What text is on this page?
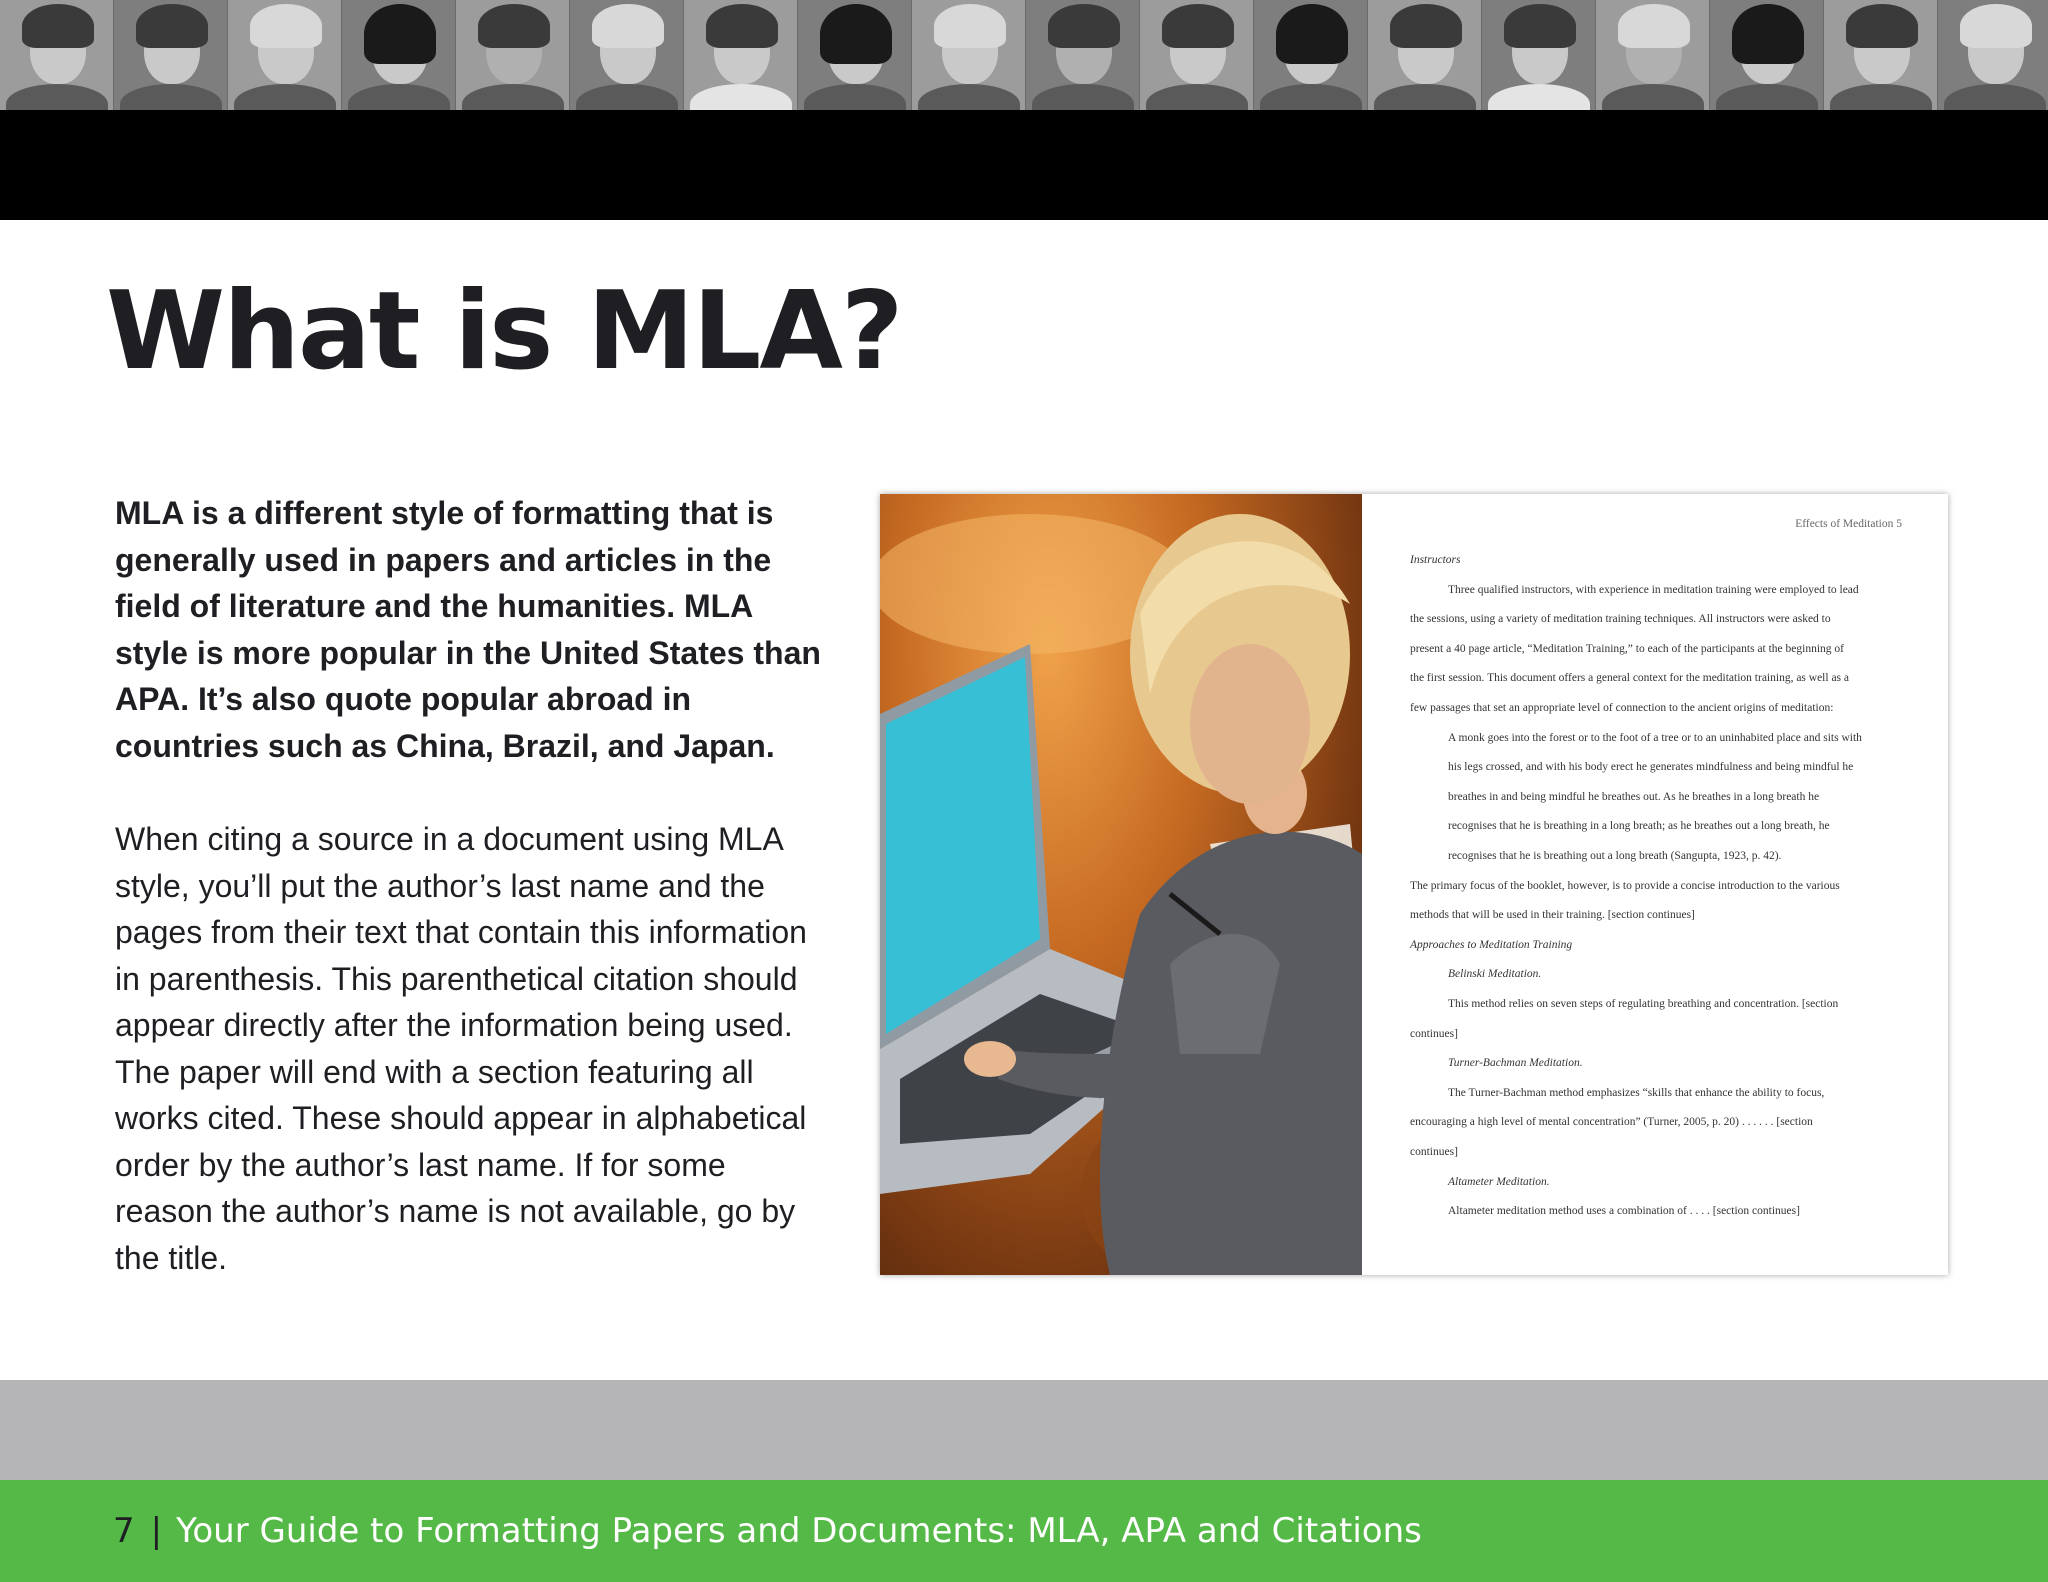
What is MLA?

MLA is a different style of formatting that is generally used in papers and articles in the field of literature and the humanities. MLA style is more popular in the United States than APA. It’s also quote popular abroad in countries such as China, Brazil, and Japan.

When citing a source in a document using MLA style, you’ll put the author’s last name and the pages from their text that contain this information in parenthesis. This parenthetical citation should appear directly after the information being used. The paper will end with a section featuring all works cited. These should appear in alphabetical order by the author’s last name. If for some reason the author’s name is not available, go by the title.

Effects of Meditation 5
Instructors
Three qualified instructors, with experience in meditation training were employed to lead
the sessions, using a variety of meditation training techniques. All instructors were asked to
present a 40 page article, “Meditation Training,” to each of the participants at the beginning of
the first session. This document offers a general context for the meditation training, as well as a
few passages that set an appropriate level of connection to the ancient origins of meditation:
A monk goes into the forest or to the foot of a tree or to an uninhabited place and sits with
his legs crossed, and with his body erect he generates mindfulness and being mindful he
breathes in and being mindful he breathes out. As he breathes in a long breath he
recognises that he is breathing in a long breath; as he breathes out a long breath, he
recognises that he is breathing out a long breath (Sangupta, 1923, p. 42).
The primary focus of the booklet, however, is to provide a concise introduction to the various
methods that will be used in their training. [section continues]
Approaches to Meditation Training
Belinski Meditation.
This method relies on seven steps of regulating breathing and concentration. [section
continues]
Turner-Bachman Meditation.
The Turner-Bachman method emphasizes “skills that enhance the ability to focus,
encouraging a high level of mental concentration” (Turner, 2005, p. 20) . . . . . . [section
continues]
Altameter Meditation.
Altameter meditation method uses a combination of . . . . [section continues]
7 | Your Guide to Formatting Papers and Documents: MLA, APA and Citations
